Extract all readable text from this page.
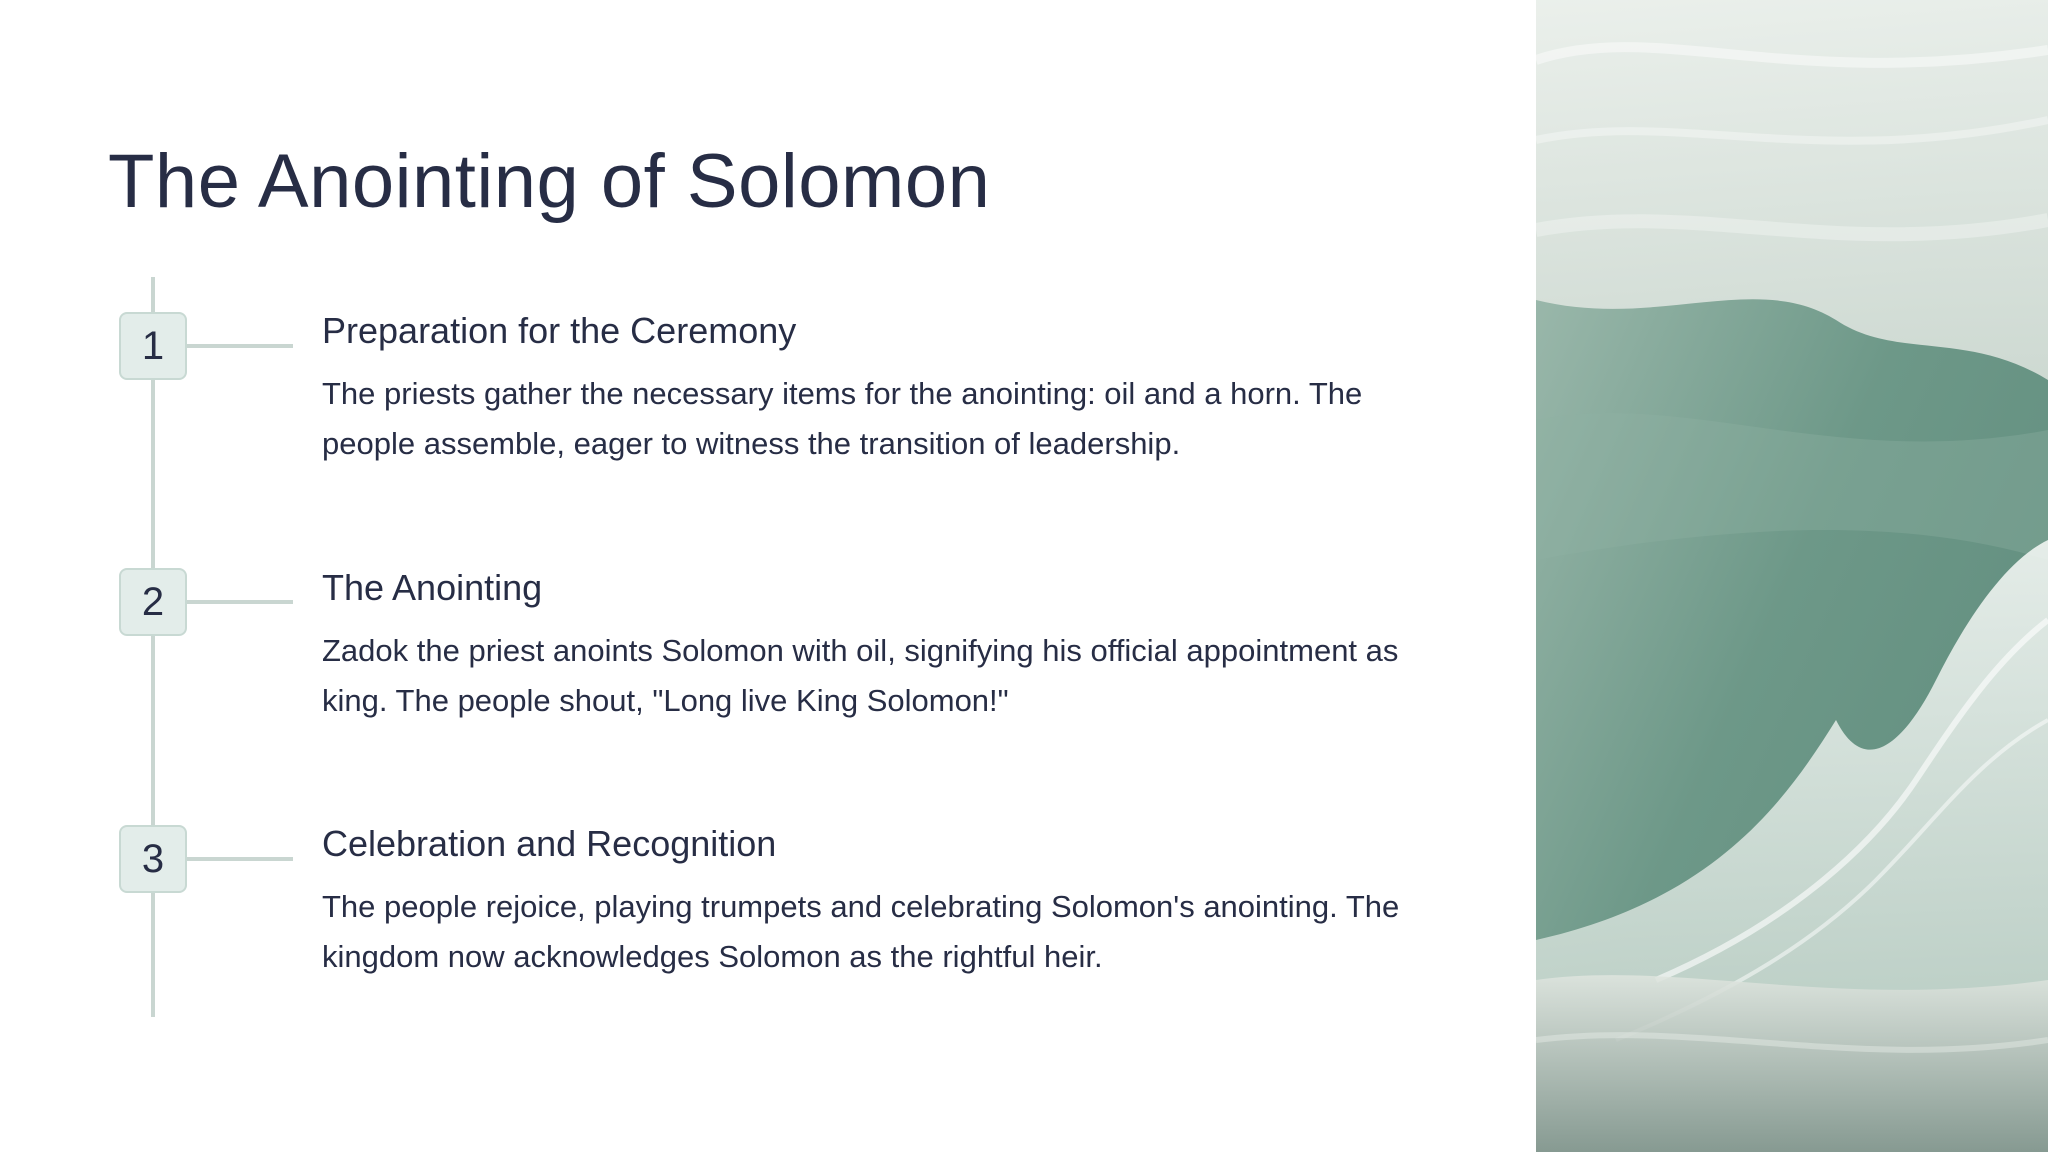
The Anointing of Solomon
1	Preparation for the Ceremony

The priests gather the necessary items for the anointing: oil and a horn. The people assemble, eager to witness the transition of leadership.

2	The Anointing

Zadok the priest anoints Solomon with oil, signifying his official appointment as king. The people shout, "Long live King Solomon!"

3	Celebration and Recognition

The people rejoice, playing trumpets and celebrating Solomon's anointing. The kingdom now acknowledges Solomon as the rightful heir.
